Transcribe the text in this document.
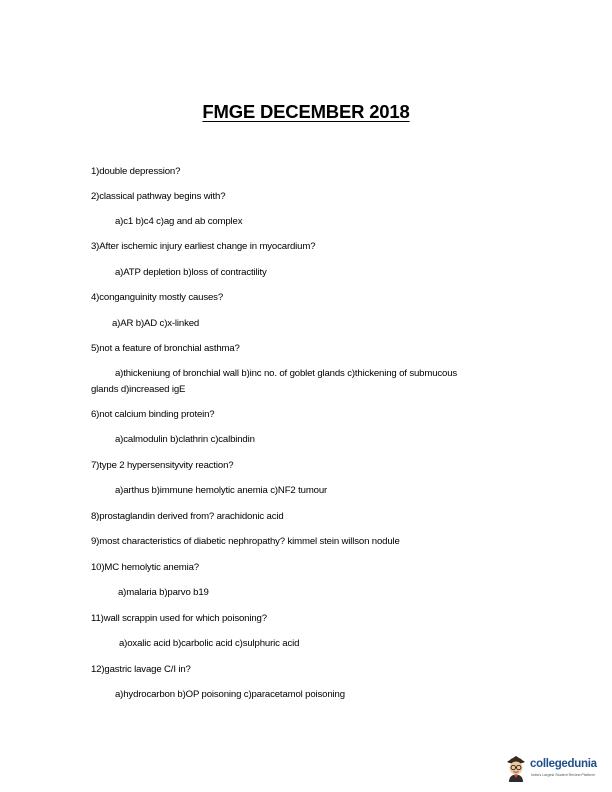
FMGE DECEMBER 2018
1)double depression?
2)classical pathway begins with?
a)c1 b)c4 c)ag and ab complex
3)After ischemic injury earliest change in myocardium?
a)ATP depletion b)loss of contractility
4)conganguinity mostly causes?
a)AR b)AD c)x-linked
5)not a feature of bronchial asthma?
a)thickeniung of bronchial wall b)inc no. of goblet glands c)thickening of submucous
glands d)increased igE
6)not calcium binding protein?
a)calmodulin b)clathrin c)calbindin
7)type 2 hypersensityvity reaction?
a)arthus b)immune hemolytic anemia c)NF2 tumour
8)prostaglandin derived from? arachidonic acid
9)most characteristics of diabetic nephropathy? kimmel stein willson nodule
10)MC hemolytic anemia?
a)malaria b)parvo b19
11)wall scrappin used for which poisoning?
a)oxalic acid b)carbolic acid c)sulphuric acid
12)gastric lavage C/I in?
a)hydrocarbon b)OP poisoning c)paracetamol poisoning
collegedunia
India's Largest Student Review Platform
